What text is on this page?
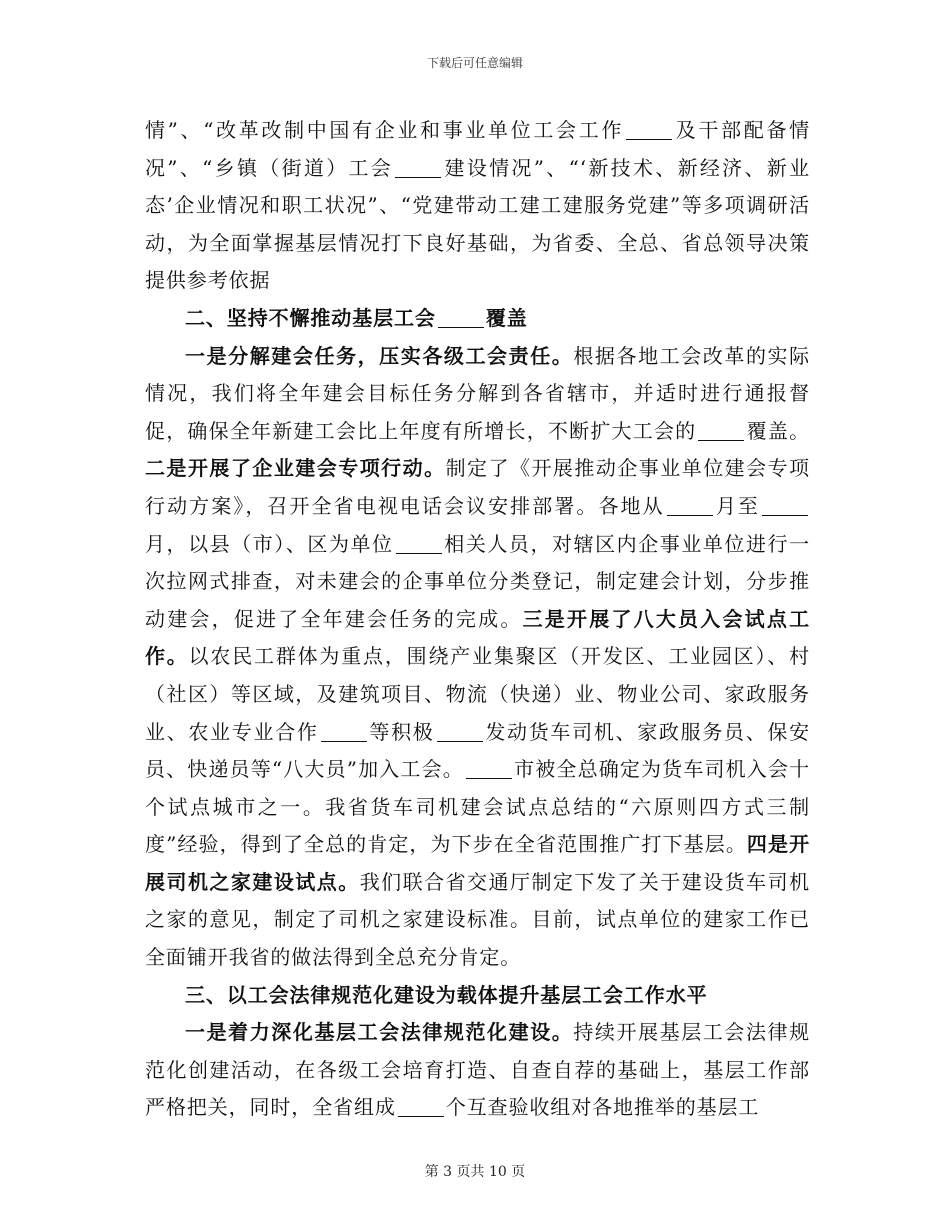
下载后可任意编辑

情”、“改革改制中国有企业和事业单位工会工作	及干部配备情况”、“乡镇（街道）工会	建设情况”、“‘新技术、新经济、新业态’企业情况和职工状况”、“党建带动工建工建服务党建”等多项调研活动，为全面掌握基层情况打下良好基础，为省委、全总、省总领导决策提供参考依据

二、坚持不懈推动基层工会	覆盖

一是分解建会任务，压实各级工会责任。根据各地工会改革的实际情况，我们将全年建会目标任务分解到各省辖市，并适时进行通报督促，确保全年新建工会比上年度有所增长，不断扩大工会的	覆盖。二是开展了企业建会专项行动。制定了《开展推动企事业单位建会专项行动方案》，召开全省电视电话会议安排部署。各地从	月至月，以县（市）、区为单位	相关人员，对辖区内企事业单位进行一次拉网式排查，对未建会的企事单位分类登记，制定建会计划，分步推动建会，促进了全年建会任务的完成。三是开展了八大员入会试点工作。以农民工群体为重点，围绕产业集聚区（开发区、工业园区）、村（社区）等区域，及建筑项目、物流（快递）业、物业公司、家政服务业、农业专业合作	等积极	发动货车司机、家政服务员、保安员、快递员等“八大员”加入工会。	市被全总确定为货车司机入会十个试点城市之一。我省货车司机建会试点总结的“六原则四方式三制度”经验，得到了全总的肯定，为下步在全省范围推广打下基层。四是开展司机之家建设试点。我们联合省交通厅制定下发了关于建设货车司机之家的意见，制定了司机之家建设标准。目前，试点单位的建家工作已全面铺开我省的做法得到全总充分肯定。

三、以工会法律规范化建设为载体提升基层工会工作水平

一是着力深化基层工会法律规范化建设。持续开展基层工会法律规范化创建活动，在各级工会培育打造、自查自荐的基础上，基层工作部严格把关，同时，全省组成	个互查验收组对各地推举的基层工

第 3 页共 10 页
